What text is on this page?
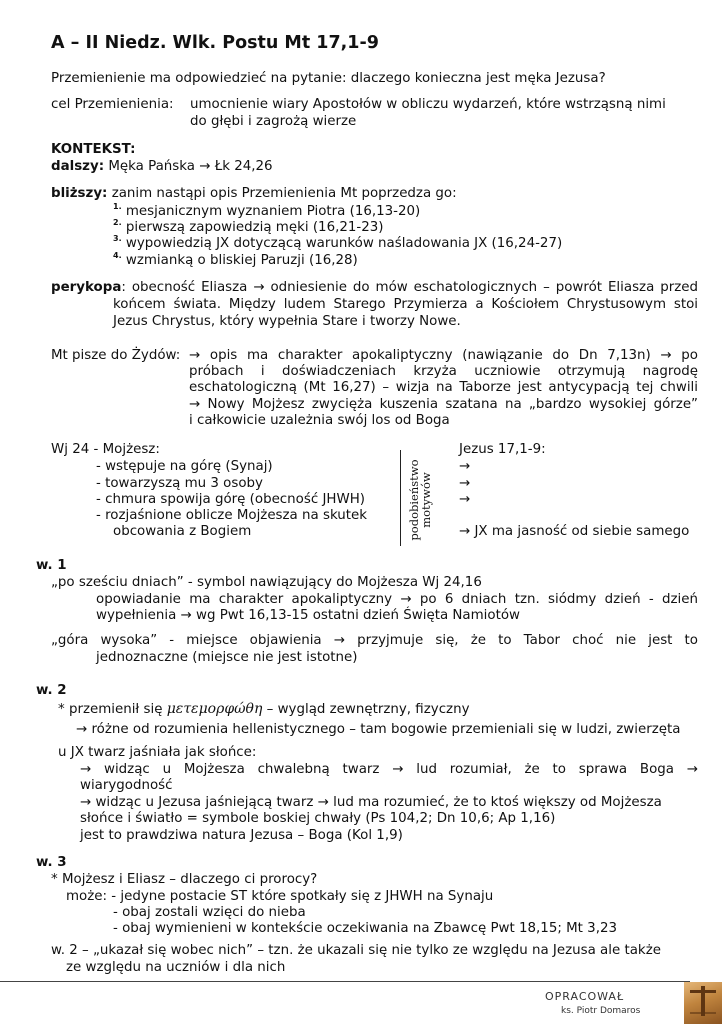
A – II Niedz. Wlk. Postu Mt 17,1-9
Przemienienie ma odpowiedzieć na pytanie: dlaczego konieczna jest męka Jezusa?
cel Przemienienia: umocnienie wiary Apostołów w obliczu wydarzeń, które wstrząsną nimi
do głębi i zagrożą wierze
KONTEKST:
dalszy: Męka Pańska → Łk 24,26
bliższy: zanim nastąpi opis Przemienienia Mt poprzedza go:
$^{1.}$ mesjanicznym wyznaniem Piotra (16,13-20)
$^{2.}$ pierwszą zapowiedzią męki (16,21-23)
$^{3.}$ wypowiedzią JX dotyczącą warunków naśladowania JX (16,24-27)
$^{4.}$ wzmianką o bliskiej Paruzji (16,28)
perykopa: obecność Eliasza → odniesienie do mów eschatologicznych – powrót Eliasza przed
końcem świata. Między ludem Starego Przymierza a Kościołem Chrystusowym stoi
Jezus Chrystus, który wypełnia Stare i tworzy Nowe.
Mt pisze do Żydów: → opis ma charakter apokaliptyczny (nawiązanie do Dn 7,13n) → po
próbach i doświadczeniach krzyża uczniowie otrzymują nagrodę
eschatologiczną (Mt 16,27) – wizja na Taborze jest antycypacją tej chwili
→ Nowy Mojżesz zwycięża kuszenia szatana na „bardzo wysokiej górze”
i całkowicie uzależnia swój los od Boga
Wj 24 - Mojżesz:
- wstępuje na górę (Synaj)
- towarzyszą mu 3 osoby
- chmura spowija górę (obecność JHWH)
- rozjaśnione oblicze Mojżesza na skutek
obcowania z Bogiem	podobieństwo motywów
Jezus 17,1-9:
→
→
→
→ JX ma jasność od siebie samego
w. 1
„po sześciu dniach” - symbol nawiązujący do Mojżesza Wj 24,16
opowiadanie ma charakter apokaliptyczny → po 6 dniach tzn. siódmy dzień - dzień
wypełnienia → wg Pwt 16,13-15 ostatni dzień Święta Namiotów
„góra wysoka” - miejsce objawienia → przyjmuje się, że to Tabor choć nie jest to
jednoznaczne (miejsce nie jest istotne)
w. 2
* przemienił się μετεμορφώθη – wygląd zewnętrzny, fizyczny
→ różne od rozumienia hellenistycznego – tam bogowie przemieniali się w ludzi, zwierzęta
u JX twarz jaśniała jak słońce:
→ widząc u Mojżesza chwalebną twarz → lud rozumiał, że to sprawa Boga →
wiarygodność
→ widząc u Jezusa jaśniejącą twarz → lud ma rozumieć, że to ktoś większy od Mojżesza
słońce i światło = symbole boskiej chwały (Ps 104,2; Dn 10,6; Ap 1,16)
jest to prawdziwa natura Jezusa – Boga (Kol 1,9)
w. 3
* Mojżesz i Eliasz – dlaczego ci prorocy?
może: - jedyne postacie ST które spotkały się z JHWH na Synaju
- obaj zostali wzięci do nieba
- obaj wymienieni w kontekście oczekiwania na Zbawcę Pwt 18,15; Mt 3,23
w. 2 – „ukazał się wobec nich” – tzn. że ukazali się nie tylko ze względu na Jezusa ale także
ze względu na uczniów i dla nich
OPRACOWAŁ
ks. Piotr Domaros
